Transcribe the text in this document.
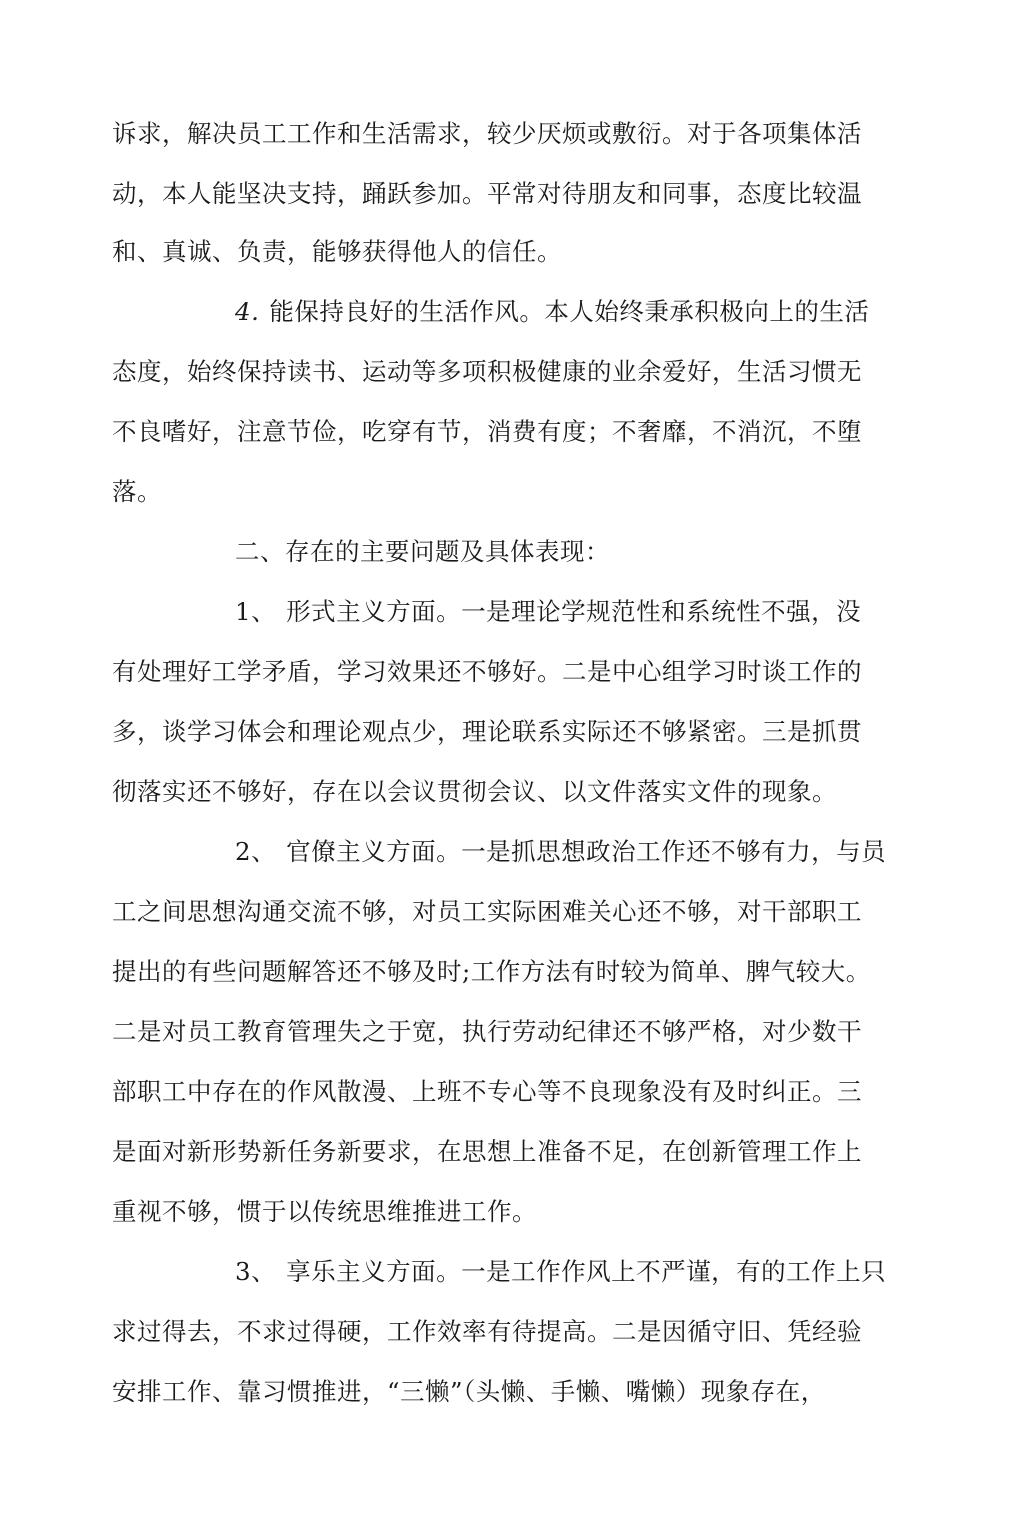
诉求，解决员工工作和生活需求，较少厌烦或敷衍。对于各项集体活
动，本人能坚决支持，踊跃参加。平常对待朋友和同事，态度比较温
和、真诚、负责，能够获得他人的信任。
4. 能保持良好的生活作风。本人始终秉承积极向上的生活
态度，始终保持读书、运动等多项积极健康的业余爱好，生活习惯无
不良嗜好，注意节俭，吃穿有节，消费有度；不奢靡，不消沉，不堕
落。
二、存在的主要问题及具体表现：
1、 形式主义方面。一是理论学规范性和系统性不强，没
有处理好工学矛盾，学习效果还不够好。二是中心组学习时谈工作的
多，谈学习体会和理论观点少，理论联系实际还不够紧密。三是抓贯
彻落实还不够好，存在以会议贯彻会议、以文件落实文件的现象。
2、 官僚主义方面。一是抓思想政治工作还不够有力，与员
工之间思想沟通交流不够，对员工实际困难关心还不够，对干部职工
提出的有些问题解答还不够及时;工作方法有时较为简单、脾气较大。
二是对员工教育管理失之于宽，执行劳动纪律还不够严格，对少数干
部职工中存在的作风散漫、上班不专心等不良现象没有及时纠正。三
是面对新形势新任务新要求，在思想上准备不足，在创新管理工作上
重视不够，惯于以传统思维推进工作。
3、 享乐主义方面。一是工作作风上不严谨，有的工作上只
求过得去，不求过得硬，工作效率有待提高。二是因循守旧、凭经验
安排工作、靠习惯推进，“三懒”（头懒、手懒、嘴懒）现象存在，
